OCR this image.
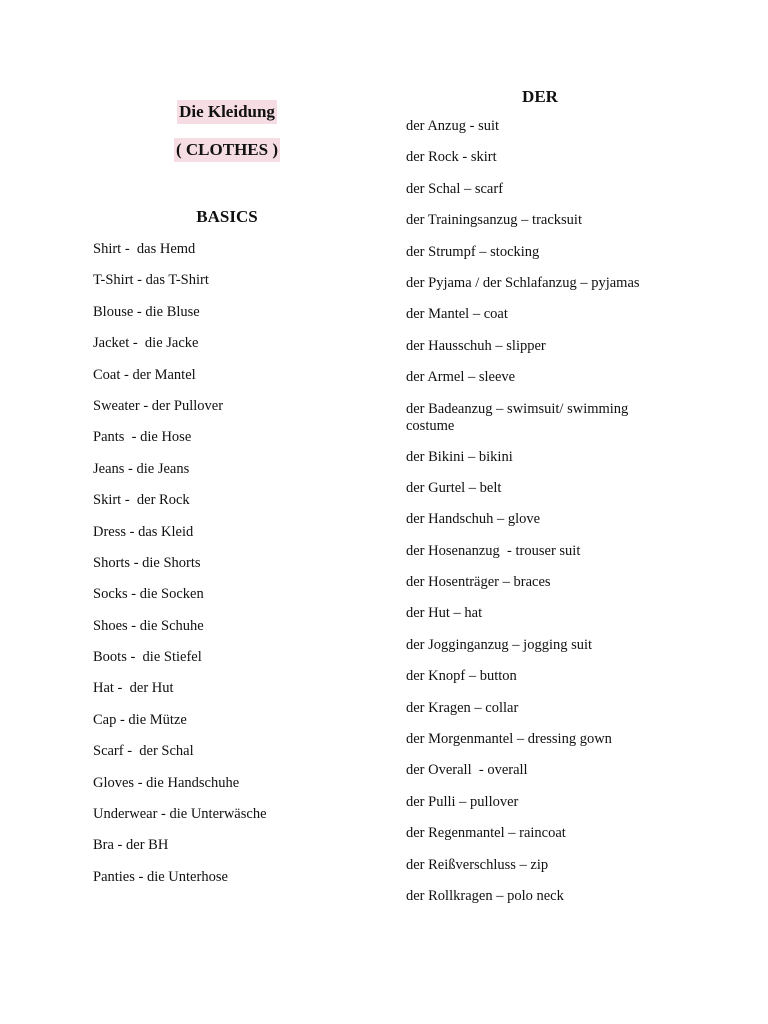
Die Kleidung
( CLOTHES )
BASICS
Shirt -  das Hemd
T-Shirt - das T-Shirt
Blouse - die Bluse
Jacket -  die Jacke
Coat - der Mantel
Sweater - der Pullover
Pants  - die Hose
Jeans - die Jeans
Skirt -  der Rock
Dress - das Kleid
Shorts - die Shorts
Socks - die Socken
Shoes - die Schuhe
Boots -  die Stiefel
Hat -  der Hut
Cap - die Mütze
Scarf -  der Schal
Gloves - die Handschuhe
Underwear - die Unterwäsche
Bra - der BH
Panties - die Unterhose
DER
der Anzug - suit
der Rock - skirt
der Schal – scarf
der Trainingsanzug – tracksuit
der Strumpf – stocking
der Pyjama / der Schlafanzug – pyjamas
der Mantel – coat
der Hausschuh – slipper
der Armel – sleeve
der Badeanzug – swimsuit/ swimming costume
der Bikini – bikini
der Gurtel – belt
der Handschuh – glove
der Hosenanzug  - trouser suit
der Hosenträger – braces
der Hut – hat
der Jogginganzug – jogging suit
der Knopf – button
der Kragen – collar
der Morgenmantel – dressing gown
der Overall  - overall
der Pulli – pullover
der Regenmantel – raincoat
der Reißverschluss – zip
der Rollkragen – polo neck
